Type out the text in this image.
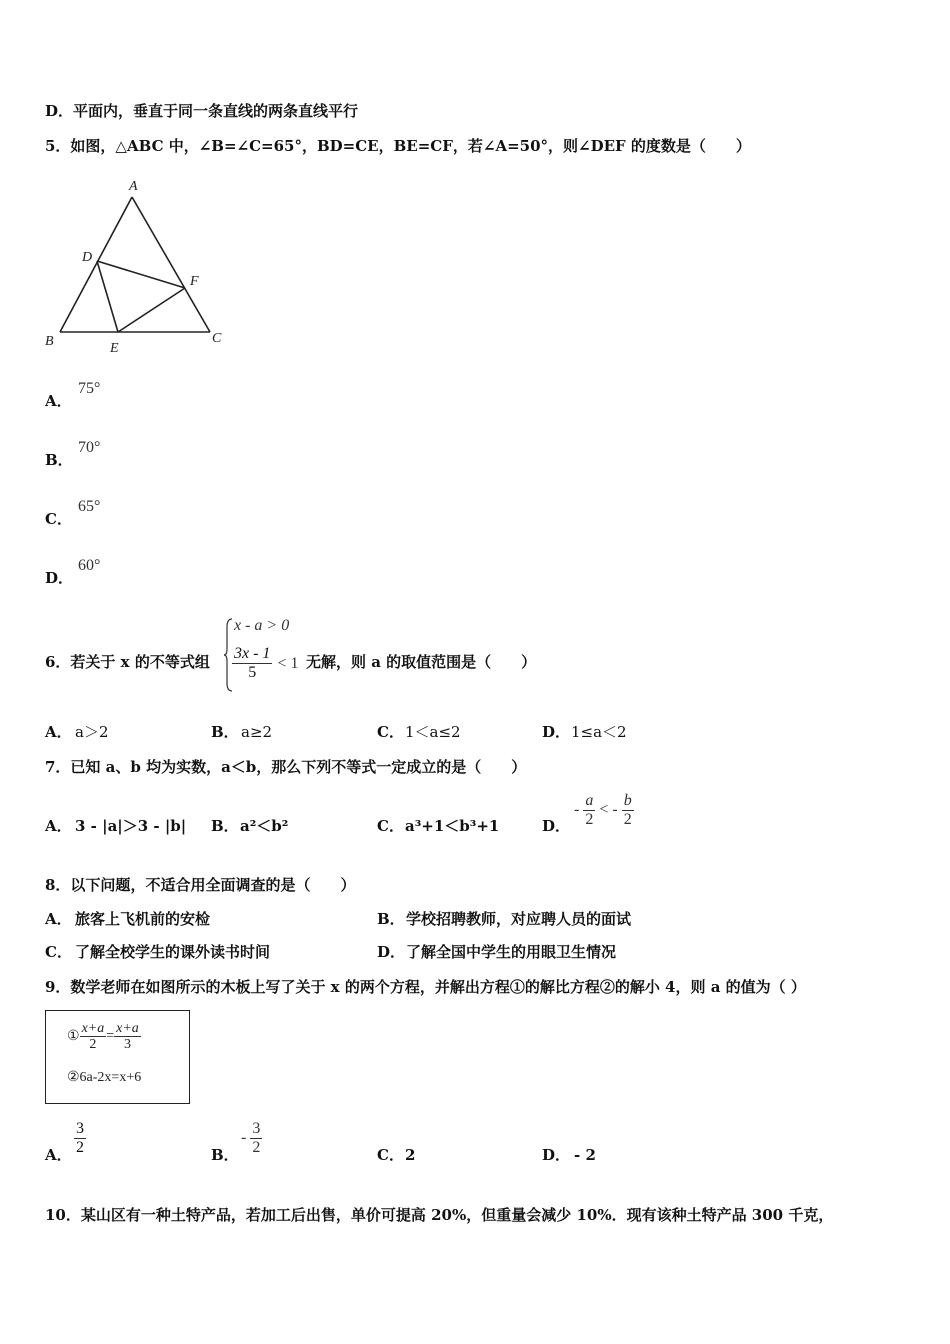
D．平面内，垂直于同一条直线的两条直线平行
5．如图，△ABC 中，∠B=∠C=65°，BD=CE，BE=CF，若∠A=50°，则∠DEF 的度数是（　　）
A
D
F
B	E
C
A．
75°
B．
70°
C．
65°
D．
60°
6．若关于 x 的不等式组
x - a > 0
$\frac{3x - 1}{5} < 1$ 无解，则 a 的取值范围是（　　）
A． a＞2	B． a≥2	C． 1＜a≤2	D． 1≤a＜2
7．已知 a、b 均为实数，a＜b，那么下列不等式一定成立的是（　　）
A． 3 - |a|＞3 - |b| B． a²＜b²	C． a³+1＜b³+1	D．
- $\frac{a}{2}$ < - $\frac{b}{2}$
8．以下问题，不适合用全面调查的是（　　）
A． 旅客上飞机前的安检	B． 学校招聘教师，对应聘人员的面试
C． 了解全校学生的课外读书时间	D． 了解全国中学生的用眼卫生情况
9．数学老师在如图所示的木板上写了关于 x 的两个方程，并解出方程①的解比方程②的解小 4，则 a 的值为（ ）
① $\frac{x+a}{2} = \frac{x+a}{3}$
②6a-2x=x+6
A． $\frac{3}{2}$	B．
- $\frac{3}{2}$	C． 2	D． - 2
10．某山区有一种土特产品，若加工后出售，单价可提高 20%，但重量会减少 10%．现有该种土特产品 300 千克，
